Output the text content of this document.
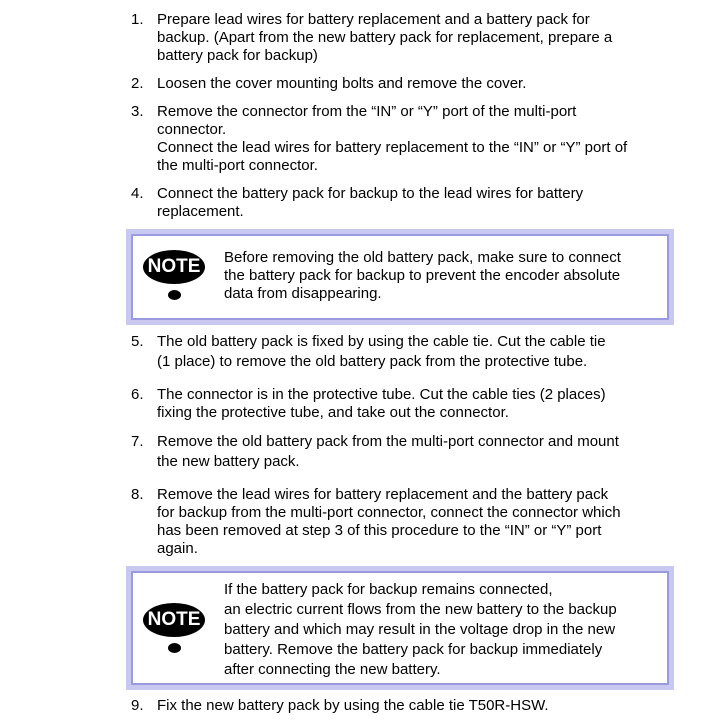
1. Prepare lead wires for battery replacement and a battery pack for
backup. (Apart from the new battery pack for replacement, prepare a
battery pack for backup)
2. Loosen the cover mounting bolts and remove the cover.
3. Remove the connector from the “IN” or “Y” port of the multi-port
connector.
Connect the lead wires for battery replacement to the “IN” or “Y” port of
the multi-port connector.
4. Connect the battery pack for backup to the lead wires for battery
replacement.
NOTE	Before removing the old battery pack, make sure to connect
the battery pack for backup to prevent the encoder absolute
data from disappearing.
5. The old battery pack is fixed by using the cable tie. Cut the cable tie
(1 place) to remove the old battery pack from the protective tube.
6. The connector is in the protective tube. Cut the cable ties (2 places)
fixing the protective tube, and take out the connector.
7. Remove the old battery pack from the multi-port connector and mount
the new battery pack.
8. Remove the lead wires for battery replacement and the battery pack
for backup from the multi-port connector, connect the connector which
has been removed at step 3 of this procedure to the “IN” or “Y” port
again.
NOTE
If the battery pack for backup remains connected,
an electric current flows from the new battery to the backup
battery and which may result in the voltage drop in the new
battery. Remove the battery pack for backup immediately
after connecting the new battery.
9. Fix the new battery pack by using the cable tie T50R-HSW.
